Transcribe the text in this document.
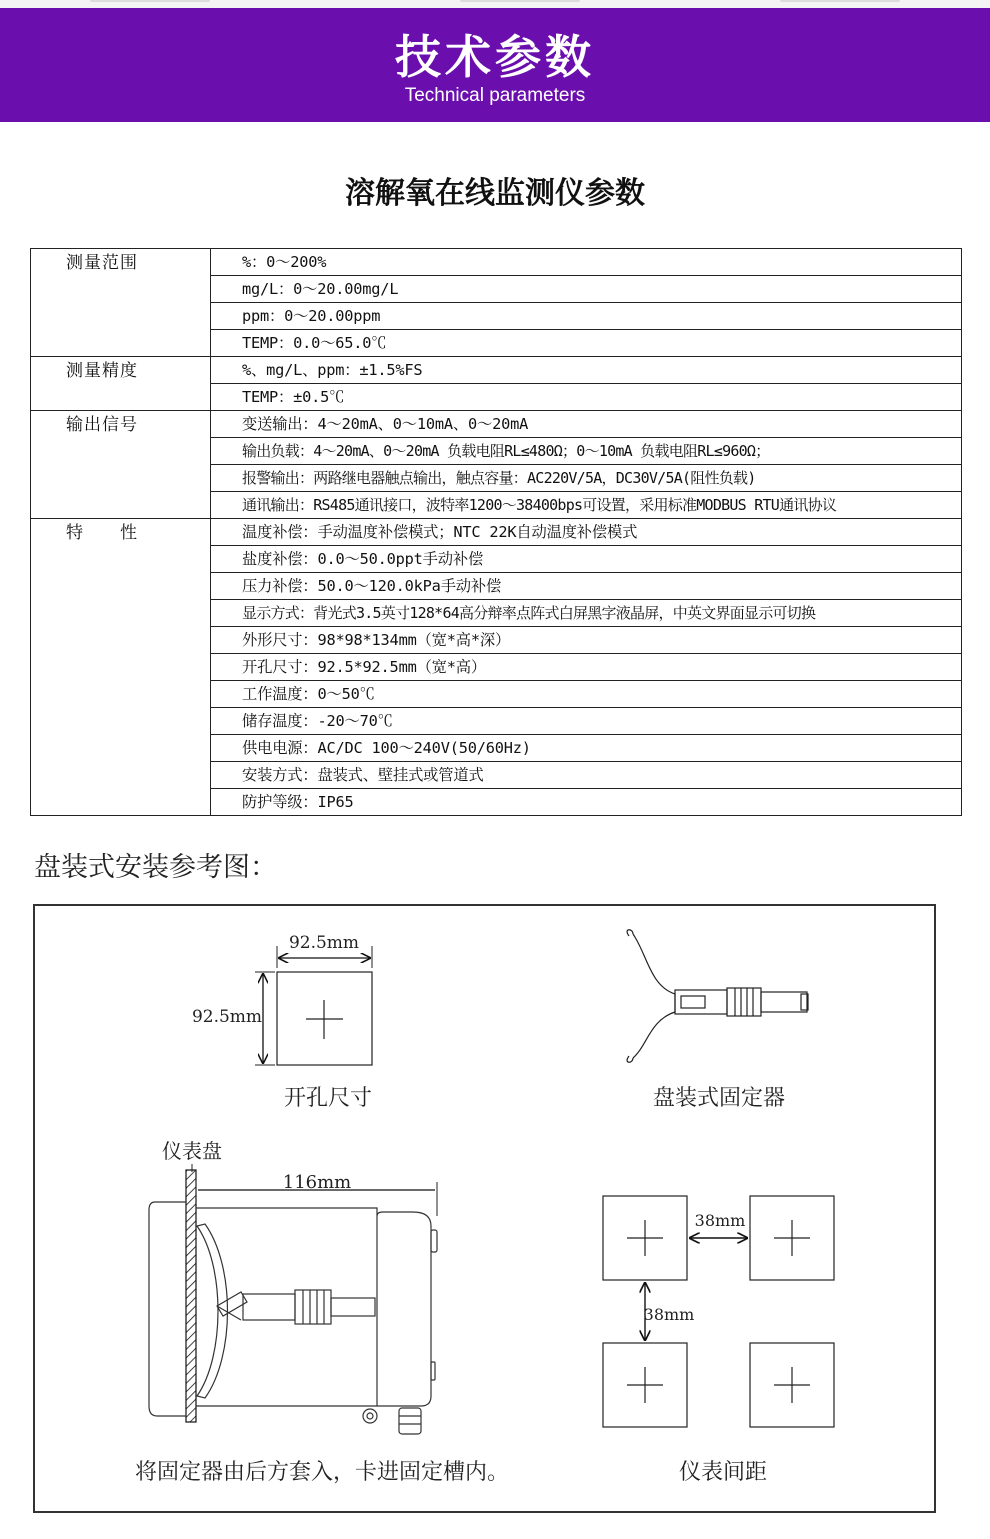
技术参数
Technical parameters
溶解氧在线监测仪参数
测量范围	%：0～200%
	mg/L：0～20.00mg/L
	ppm：0～20.00ppm
	TEMP：0.0～65.0℃
测量精度	%、mg/L、ppm：±1.5%FS
	TEMP：±0.5℃
输出信号	变送输出：4～20mA、0～10mA、0～20mA
	输出负载：4～20mA、0～20mA 负载电阻RL≤480Ω；0～10mA 负载电阻RL≤960Ω；
	报警输出：两路继电器触点输出，触点容量：AC220V/5A，DC30V/5A(阻性负载)
	通讯输出：RS485通讯接口，波特率1200～38400bps可设置，采用标准MODBUS RTU通讯协议
特　　性	温度补偿：手动温度补偿模式；NTC 22K自动温度补偿模式
	盐度补偿：0.0～50.0ppt手动补偿
	压力补偿：50.0～120.0kPa手动补偿
	显示方式：背光式3.5英寸128*64高分辩率点阵式白屏黑字液晶屏，中英文界面显示可切换
	外形尺寸：98*98*134mm（宽*高*深）
	开孔尺寸：92.5*92.5mm（宽*高）
	工作温度：0～50℃
	储存温度：-20～70℃
	供电电源：AC/DC 100～240V(50/60Hz)
	安装方式：盘装式、壁挂式或管道式
	防护等级：IP65
盘装式安装参考图：
92.5mm
92.5mm
开孔尺寸	盘装式固定器
仪表盘
116mm
将固定器由后方套入，卡进固定槽内。
38mm
38mm
仪表间距
